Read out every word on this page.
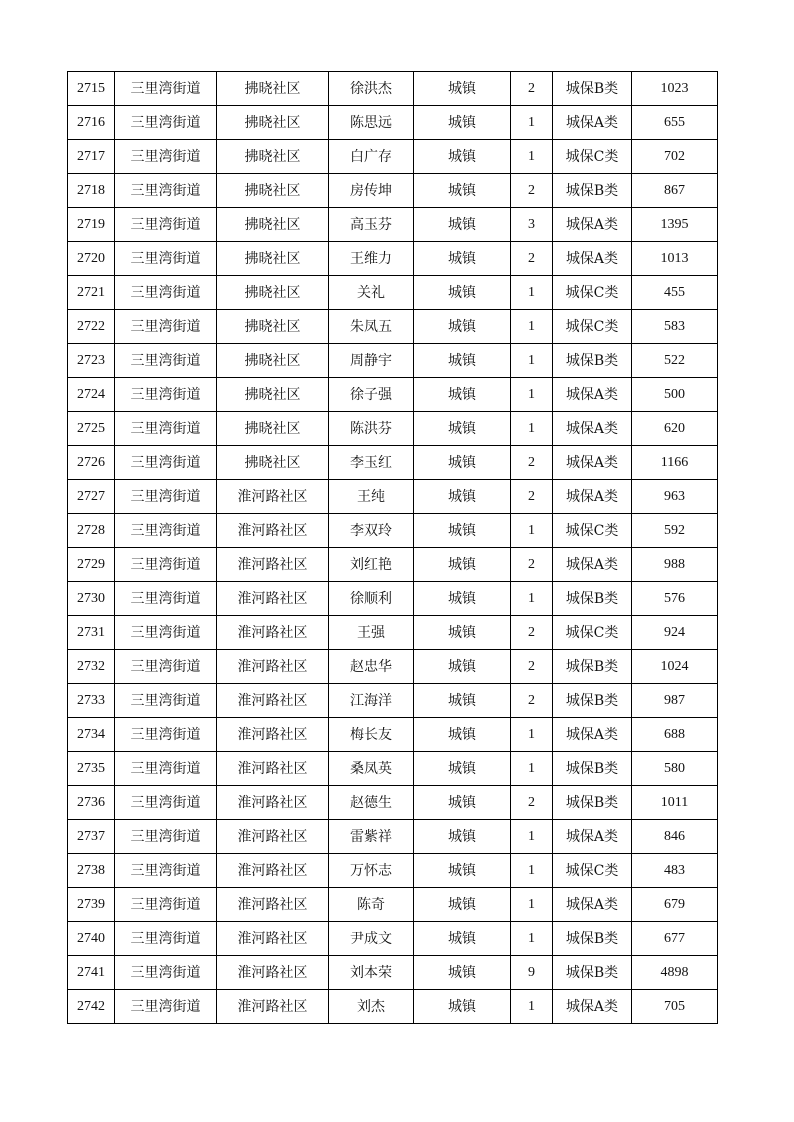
2715	三里湾街道	拂晓社区	徐洪杰	城镇	2	城保B类	1023
2716	三里湾街道	拂晓社区	陈思远	城镇	1	城保A类	655
2717	三里湾街道	拂晓社区	白广存	城镇	1	城保C类	702
2718	三里湾街道	拂晓社区	房传坤	城镇	2	城保B类	867
2719	三里湾街道	拂晓社区	高玉芬	城镇	3	城保A类	1395
2720	三里湾街道	拂晓社区	王维力	城镇	2	城保A类	1013
2721	三里湾街道	拂晓社区	关礼	城镇	1	城保C类	455
2722	三里湾街道	拂晓社区	朱凤五	城镇	1	城保C类	583
2723	三里湾街道	拂晓社区	周静宇	城镇	1	城保B类	522
2724	三里湾街道	拂晓社区	徐子强	城镇	1	城保A类	500
2725	三里湾街道	拂晓社区	陈洪芬	城镇	1	城保A类	620
2726	三里湾街道	拂晓社区	李玉红	城镇	2	城保A类	1166
2727	三里湾街道	淮河路社区	王纯	城镇	2	城保A类	963
2728	三里湾街道	淮河路社区	李双玲	城镇	1	城保C类	592
2729	三里湾街道	淮河路社区	刘红艳	城镇	2	城保A类	988
2730	三里湾街道	淮河路社区	徐顺利	城镇	1	城保B类	576
2731	三里湾街道	淮河路社区	王强	城镇	2	城保C类	924
2732	三里湾街道	淮河路社区	赵忠华	城镇	2	城保B类	1024
2733	三里湾街道	淮河路社区	江海洋	城镇	2	城保B类	987
2734	三里湾街道	淮河路社区	梅长友	城镇	1	城保A类	688
2735	三里湾街道	淮河路社区	桑凤英	城镇	1	城保B类	580
2736	三里湾街道	淮河路社区	赵德生	城镇	2	城保B类	1011
2737	三里湾街道	淮河路社区	雷紫祥	城镇	1	城保A类	846
2738	三里湾街道	淮河路社区	万怀志	城镇	1	城保C类	483
2739	三里湾街道	淮河路社区	陈奇	城镇	1	城保A类	679
2740	三里湾街道	淮河路社区	尹成文	城镇	1	城保B类	677
2741	三里湾街道	淮河路社区	刘本荣	城镇	9	城保B类	4898
2742	三里湾街道	淮河路社区	刘杰	城镇	1	城保A类	705
